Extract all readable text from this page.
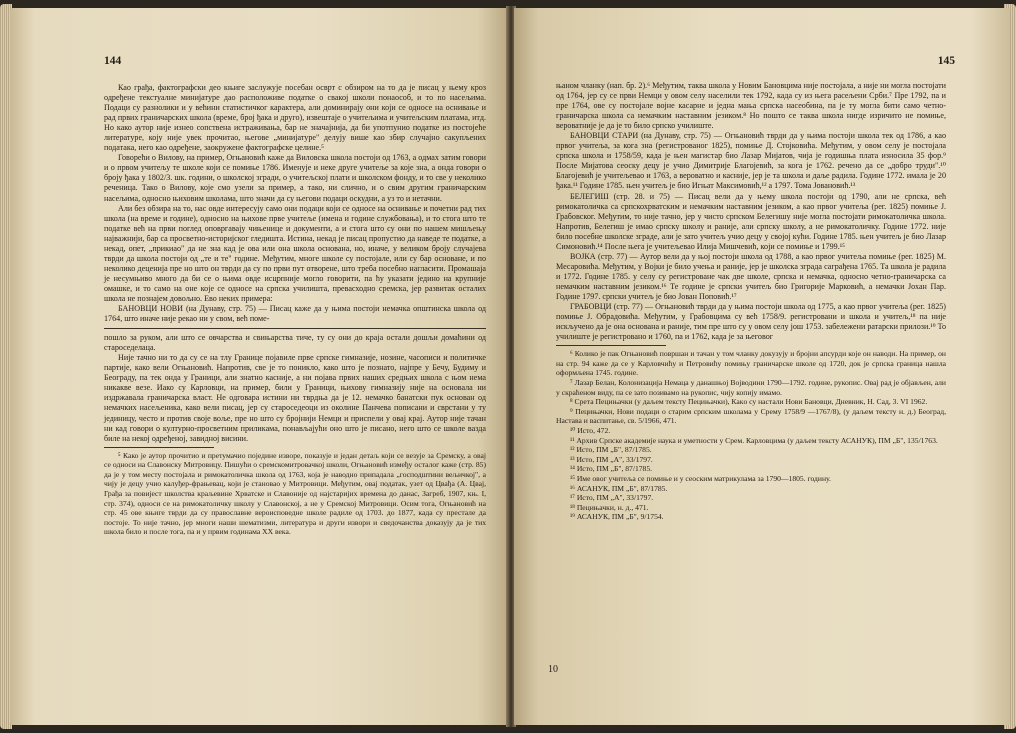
144

Као грађа, фактографски део књиге заслужује посебан осврт с обзиром на то да је писац у њему кроз одређене текстуалне минијатуре дао расположиве податке о свакој школи понаособ, и то по насељима. Подаци су разнолики и у већини статистичког карактера, али доминирају они који се односе на оснивање и рад првих граничарских школа (време, број ђака и друго), извештаје о учитељима и учитељским платама, итд. Но како аутор није изнео сопствена истраживања, бар не значајнија, да би употпунио податке из постојеће литературе, коју није увек прочитао, његове „минијатуре" делују више као збир случајно сакупљених података, него као одређене, заокружене фактографске целине.⁵

Говорећи о Вилову, на пример, Огњановић каже да Виловска школа постоји од 1763, а одмах затим говори и о првом учитељу те школе који се помиње 1786. Именује и неке друге учитеље за које зна, а онда говори о броју ђака у 1802/3. шк. години, о школској згради, о учитељској плати и школском фонду, и то све у неколико реченица. Тако о Вилову, које смо узели за пример, а тако, ни слично, и о свим другим граничарским насељима, односно њиховим школама, што значи да су његови подаци оскудни, а уз то и нетачни.

Али без обзира на то, нас овде интересују само они подаци који се односе на оснивање и почетни рад тих школа (на време и године), односно на њихове прве учитеље (имена и године службовања), и то стога што те податке већ на први поглед оповргавају чињенице и документи, а и стога што су они по нашем мишљењу најважнији, бар са просветно-историјског гледишта. Истина, некад је писац пропустио да наведе те податке, а некад, опет, „прикиао" да не зна кад је ова или она школа основана, но, иначе, у великом броју случајева тврди да школа постоји од „те и те" године. Међутим, многе школе су постојале, или су бар основане, и по неколико деценија пре но што он тврди да су по први пут отворене, што треба посебно нагласити. Промашаја је несумњиво много да би се о њима овде исцрпније могло говорити, па ћу указати једино на крупније омашке, и то само на оне које се односе на српска училишта, превасходно сремска, јер развитак осталих школа не познајем довољно. Ево неких примера:

БАНОВЦИ НОВИ (на Дунаву, стр. 75) — Писац каже да у њима постоји немачка општинска школа од 1764, што иначе није рекао ни у свом, већ поме-

пошло за руком, али што се овчарства и свињарства тиче, ту су они до краја остали дошљи домаћини од староседелаца.

Није тачно ни то да су се на тлу Границе појавиле прве српске гимназије, нозине, часописи и политичке партије, како вели Огњановић. Напротив, све је то поникло, како што је познато, најпре у Бечу, Будиму и Београду, па тек онда у Граници, али знатно касније, а ни појава првих наших средњих школа с њом нема никакве везе. Иако су Карловци, на пример, били у Граници, њихову гимназију није на основала ни издржавала граничарска власт. Не одговара истини ни тврдња да је 12. немачко банатски пук основан од немачких насељеника, како вели писац, јер су староседеоци из околине Панчева пописани и сврстани у ту јединицу, често и против своје воље, пре но што су бројнији Немци и приспели у овај крај. Аутор није тачан ни кад говори о културно-просветним приликама, понављајући оно што је писано, него што се школе вазда биле на некој одређеној, завидној висини.

⁵ Како је аутор прочитио и претумачио поједине изворе, показује и један детаљ који се везује за Сремску, а овај се односи на Славонску Митровицу. Пишући о сремскомитровачкој школи, Огњановић између осталог каже (стр. 85) да је у том месту постојала и римокатоличка школа од 1763, која је наводно припадала „господштини вељичкој", а чију је децу учио калуђер-фрањевац, који је становао у Митровици. Међутим, овај податак, узет од Цвађа (А. Цвај, Грађа за повијест школства краљевине Хрватске и Славоније од најстаријих времена до данас, Загреб, 1907, књ. I, стр. 374), односи се на римокатоличку школу у Славонској, а не у Сремској Митровици. Осим тога, Огњановић на стр. 45 ове књиге тврди да су православне вероисповедне школе радиле од 1703. до 1877, када су престале да постоје. То није тачно, јер многи наши шематизми, литература и други извори и сведочанства доказују да је тих школа било и после тога, па и у првим годинама XX века.

145

њаном чланку (нап. бр. 2).⁶ Међутим, таква школа у Новим Бановцима није постојала, а није ни могла постојати од 1764, јер су се први Немци у овом селу населили тек 1792, када су из њега расељени Срби.⁷ Пре 1792, па и пре 1764, ове су постојале војне касарне и једна мања српска насеобина, па је ту могла бити само четно-граничарска школа са немачким наставним језиком.⁸ Но пошто се таква школа нигде изричито не помиње, вероватније је да је то било српско училиште.

БАНОВЦИ СТАРИ (на Дунаву, стр. 75) — Огњановић тврди да у њима постоји школа тек од 1786, а као првог учитеља, за кога зна (регистрованог 1825), помиње Д. Стојковића. Међутим, у овом селу је постојала српска школа и 1758/59, када је њен магистар био Лазар Мијатов, чија је годишња плата износила 35 фор.⁹ После Мијатова сеоску децу је учио Димитрије Благојевић, за кога је 1762. речено да се „добро труди".¹⁰ Благојевић је учитељевао и 1763, а вероватно и касније, јер је та школа и даље радила. Године 1772. имала је 20 ђака.¹¹ Године 1785. њен учитељ је био Игњат Максимовић,¹² а 1797. Тома Јовановић.¹³

БЕЛЕГИШ (стр. 28. и 75) — Писац вели да у њему школа постоји од 1790, али не српска, већ римокатоличка са српскохрватским и немачким наставним језиком, а као првог учитеља (рег. 1825) помиње Ј. Грабовског. Међутим, то није тачно, јер у чисто српском Белегишу није могла постојати римокатоличка школа. Напротив, Белегиш је имао српску школу и раније, али српску школу, а не римокатоличку. Године 1772. није било посебне школске зграде, али је зато учитељ учио децу у својој кући. Године 1785. њен учитељ је био Лазар Симоновић.¹⁴ После њега је учитељевао Илија Мишчевић, који се помиње и 1799.¹⁵

ВОЈКА (стр. 77) — Аутор вели да у њој постоји школа од 1788, а као првог учитеља помиње (рег. 1825) М. Месаровића. Међутим, у Војки је било учења и раније, јер је школска зграда саграђена 1765. Та школа је радила и 1772. Године 1785. у селу су регистроване чак две школе, српска и немачка, односно четно-граничарска са немачким наставним језиком.¹⁶ Те године је српски учитељ био Григорије Марковић, а немачки Јохан Пар. Године 1797. српски учитељ је био Јован Поповић.¹⁷

ГРАБОВЦИ (стр. 77) — Огњановић тврди да у њима постоји школа од 1775, а као првог учитеља (рег. 1825) помиње Ј. Обрадовића. Међутим, у Грабовцима су већ 1758/9. регистровани и школа и учитељ,¹⁸ па није искључено да је она основана и раније, тим пре што су у овом селу још 1753. забележени ратарски прилози.¹⁹ То училиште је регистровано и 1760, па и 1762, када је за његовог

⁶ Колико је пак Огњановић површан и тачан у том чланку докузују и бројни апсурди које он наводи. На пример, он на стр. 94 каже да се у Карловчићу и Петровићу помињу граничарске школе од 1720, док је српска граница нашла оформљена 1745. године.

⁷ Лазар Белан, Колонизација Немаца у данашњој Војводини 1790—1792. године, рукопис. Овај рад је објављен, али у скраћеном виду, па се зато позивамо на рукопис, чију копију имамо.

⁸ Срета Пецињачки (у даљем тексту Пецињачки), Какo су настали Нови Бановци, Дневник, Н. Сад, 3. VI 1962.

⁹ Пецињачки, Нови подаци о старим српским школама у Срему 1758/9 —1767/8), (у даљем тексту н. д.) Београд, Настава и васпитање, св. 5/1966, 471.

¹⁰ Исто, 472.

¹¹ Архив Српске академије наука и уметности у Срем. Карловцима (у даљем тексту АСАНУК), ПМ „Б", 135/1763.

¹² Исто, ПМ „Б", 87/1785.

¹³ Исто, ПМ „А", 33/1797.

¹⁴ Исто, ПМ „Б", 87/1785.

¹⁵ Име овог учитеља се помиње и у сеоским матрикулама за 1790—1805. годину.

¹⁶ АСАНУК, ПМ „Б", 87/1785.

¹⁷ Исто, ПМ „А", 33/1797.

¹⁸ Пецињачки, н. д., 471.

¹⁹ АСАНУК, ПМ „Б", 9/1754.

10
